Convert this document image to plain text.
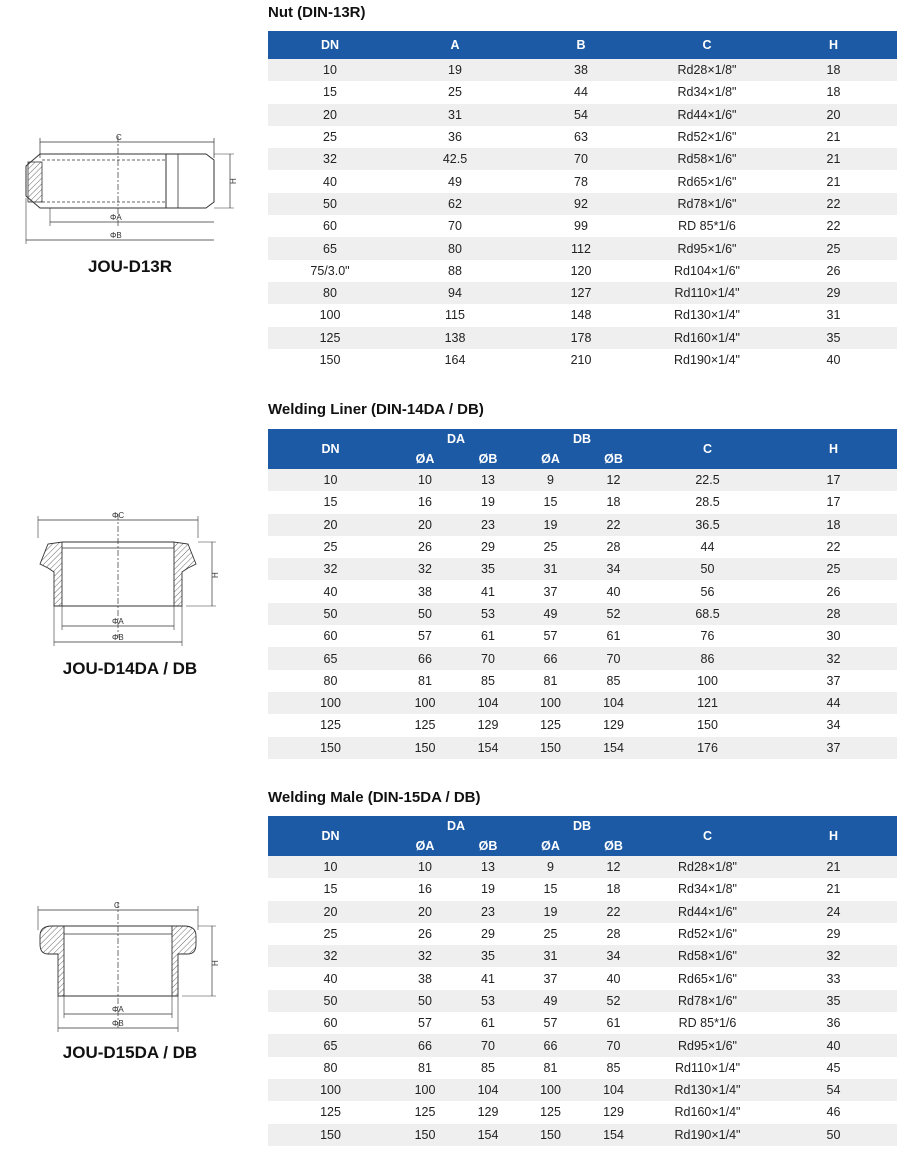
Nut (DIN-13R)
C
H
ΦA
ΦB
JOU-D13R
DN	A	B	C	H
10	19	38	Rd28×1/8"	18
15	25	44	Rd34×1/8"	18
20	31	54	Rd44×1/6"	20
25	36	63	Rd52×1/6"	21
32	42.5	70	Rd58×1/6"	21
40	49	78	Rd65×1/6"	21
50	62	92	Rd78×1/6"	22
60	70	99	RD 85*1/6	22
65	80	112	Rd95×1/6"	25
75/3.0"	88	120	Rd104×1/6"	26
80	94	127	Rd110×1/4"	29
100	115	148	Rd130×1/4"	31
125	138	178	Rd160×1/4"	35
150	164	210	Rd190×1/4"	40
Welding Liner (DIN-14DA / DB)
ΦC
H
ΦA
ΦB
JOU-D14DA / DB
DN	DA		DB		C	H
	ØA	ØB	ØA	ØB		
10	10	13	9	12	22.5	17
15	16	19	15	18	28.5	17
20	20	23	19	22	36.5	18
25	26	29	25	28	44	22
32	32	35	31	34	50	25
40	38	41	37	40	56	26
50	50	53	49	52	68.5	28
60	57	61	57	61	76	30
65	66	70	66	70	86	32
80	81	85	81	85	100	37
100	100	104	100	104	121	44
125	125	129	125	129	150	34
150	150	154	150	154	176	37
Welding Male (DIN-15DA / DB)
C
H
ΦA
ΦB
JOU-D15DA / DB
DN	DA		DB		C	H
	ØA	ØB	ØA	ØB		
10	10	13	9	12	Rd28×1/8"	21
15	16	19	15	18	Rd34×1/8"	21
20	20	23	19	22	Rd44×1/6"	24
25	26	29	25	28	Rd52×1/6"	29
32	32	35	31	34	Rd58×1/6"	32
40	38	41	37	40	Rd65×1/6"	33
50	50	53	49	52	Rd78×1/6"	35
60	57	61	57	61	RD 85*1/6	36
65	66	70	66	70	Rd95×1/6"	40
80	81	85	81	85	Rd110×1/4"	45
100	100	104	100	104	Rd130×1/4"	54
125	125	129	125	129	Rd160×1/4"	46
150	150	154	150	154	Rd190×1/4"	50
